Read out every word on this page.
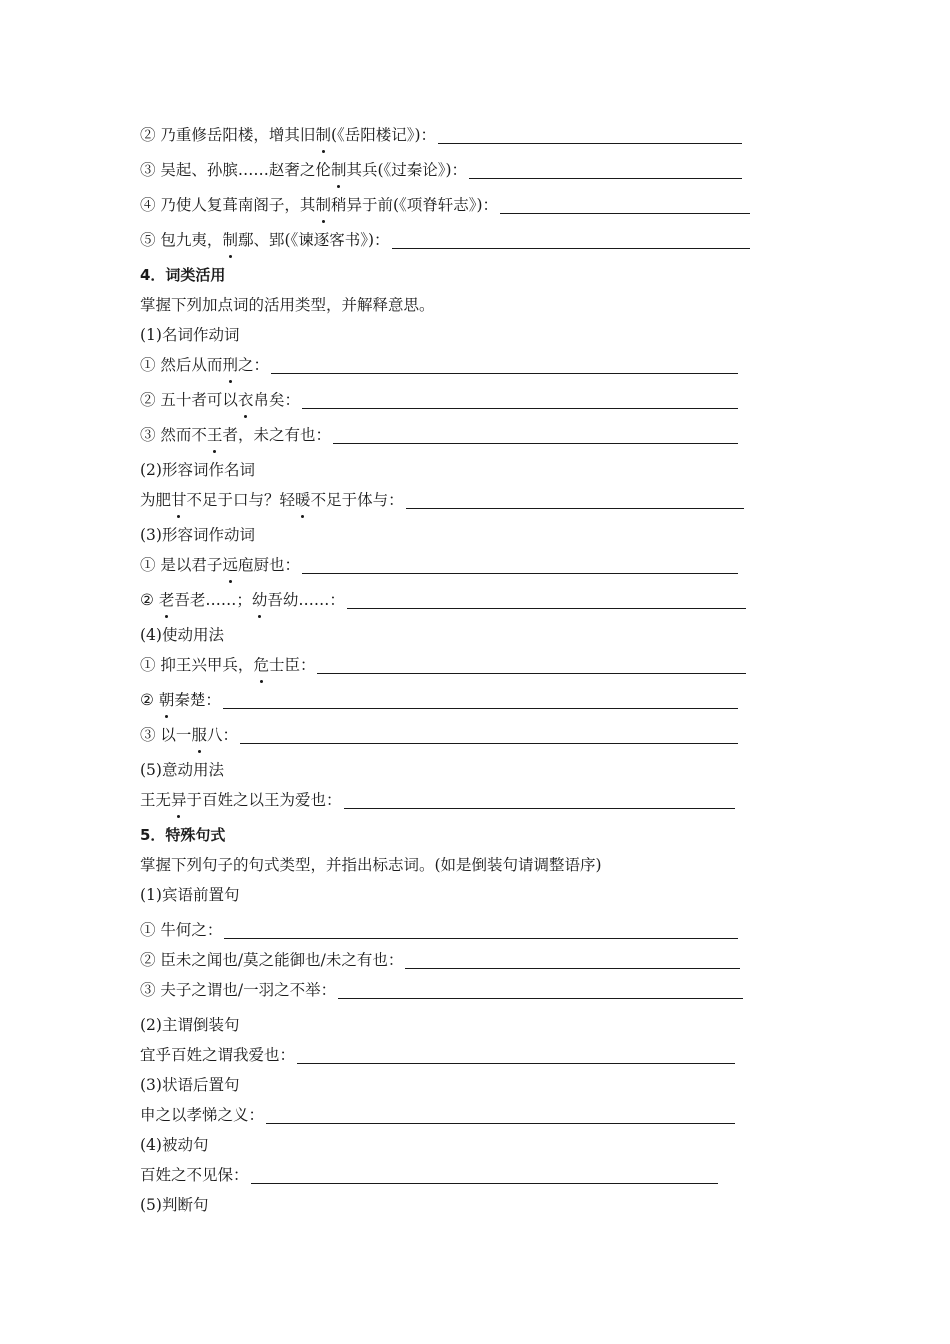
② 乃重修岳阳楼，增其旧 制 (《岳阳楼记》)：
③ 吴起、孙膑……赵奢之伦 制 其兵(《过秦论》)：
④ 乃使人复葺南阁子，其 制 稍异于前(《项脊轩志》)：
⑤ 包九夷， 制 鄢、郢(《谏逐客书》)：
4．词类活用
掌握下列加点词的活用类型，并解释意思。
(1)名词作动词
① 然后从而 刑 之：
② 五十者可以 衣 帛矣：
③ 然而不 王 者，未之有也：
(2)形容词作名词
为肥 甘 不足于口与？轻 暖 不足于体与：
(3)形容词作动词
① 是以君子 远 庖厨也：
② 老 吾老……； 幼 吾幼……：
(4)使动用法
① 抑王兴甲兵， 危 士臣：
② 朝 秦楚：
③ 以一 服 八：
(5)意动用法
王无 异 于百姓之以王为爱也：
5．特殊句式
掌握下列句子的句式类型，并指出标志词。(如是倒装句请调整语序)
(1)宾语前置句
① 牛何之：
② 臣未之闻也/莫之能御也/未之有也：
③ 夫子之谓也/一羽之不举：
(2)主谓倒装句
宜乎百姓之谓我爱也：
(3)状语后置句
申之以孝悌之义：
(4)被动句
百姓之不见保：
(5)判断句
